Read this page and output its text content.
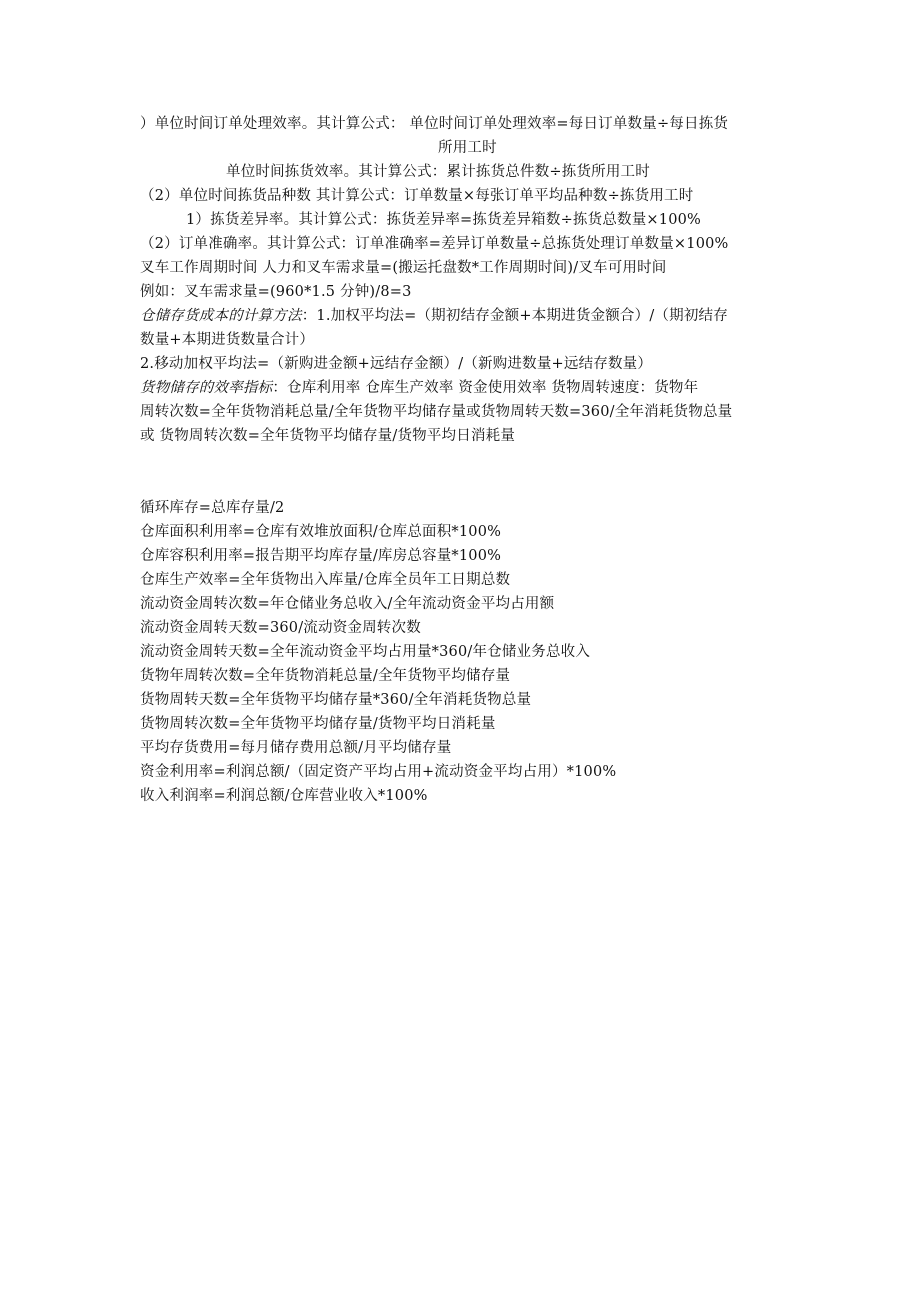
）单位时间订单处理效率。其计算公式： 单位时间订单处理效率=每日订单数量÷每日拣货
所用工时
单位时间拣货效率。其计算公式：累计拣货总件数÷拣货所用工时
（2）单位时间拣货品种数 其计算公式：订单数量×每张订单平均品种数÷拣货用工时
1）拣货差异率。其计算公式：拣货差异率=拣货差异箱数÷拣货总数量×100%
（2）订单准确率。其计算公式：订单准确率=差异订单数量÷总拣货处理订单数量×100%
叉车工作周期时间 人力和叉车需求量=(搬运托盘数*工作周期时间)/叉车可用时间
例如：叉车需求量=(960*1.5 分钟)/8=3
仓储存货成本的计算方法：1.加权平均法=（期初结存金额+本期进货金额合）/（期初结存
数量+本期进货数量合计）
2.移动加权平均法=（新购进金额+远结存金额）/（新购进数量+远结存数量）
货物储存的效率指标：仓库利用率 仓库生产效率 资金使用效率 货物周转速度：货物年
周转次数=全年货物消耗总量/全年货物平均储存量或货物周转天数=360/全年消耗货物总量
或 货物周转次数=全年货物平均储存量/货物平均日消耗量
循环库存=总库存量/2
仓库面积利用率=仓库有效堆放面积/仓库总面积*100%
仓库容积利用率=报告期平均库存量/库房总容量*100%
仓库生产效率=全年货物出入库量/仓库全员年工日期总数
流动资金周转次数=年仓储业务总收入/全年流动资金平均占用额
流动资金周转天数=360/流动资金周转次数
流动资金周转天数=全年流动资金平均占用量*360/年仓储业务总收入
货物年周转次数=全年货物消耗总量/全年货物平均储存量
货物周转天数=全年货物平均储存量*360/全年消耗货物总量
货物周转次数=全年货物平均储存量/货物平均日消耗量
平均存货费用=每月储存费用总额/月平均储存量
资金利用率=利润总额/（固定资产平均占用+流动资金平均占用）*100%
收入利润率=利润总额/仓库营业收入*100%
